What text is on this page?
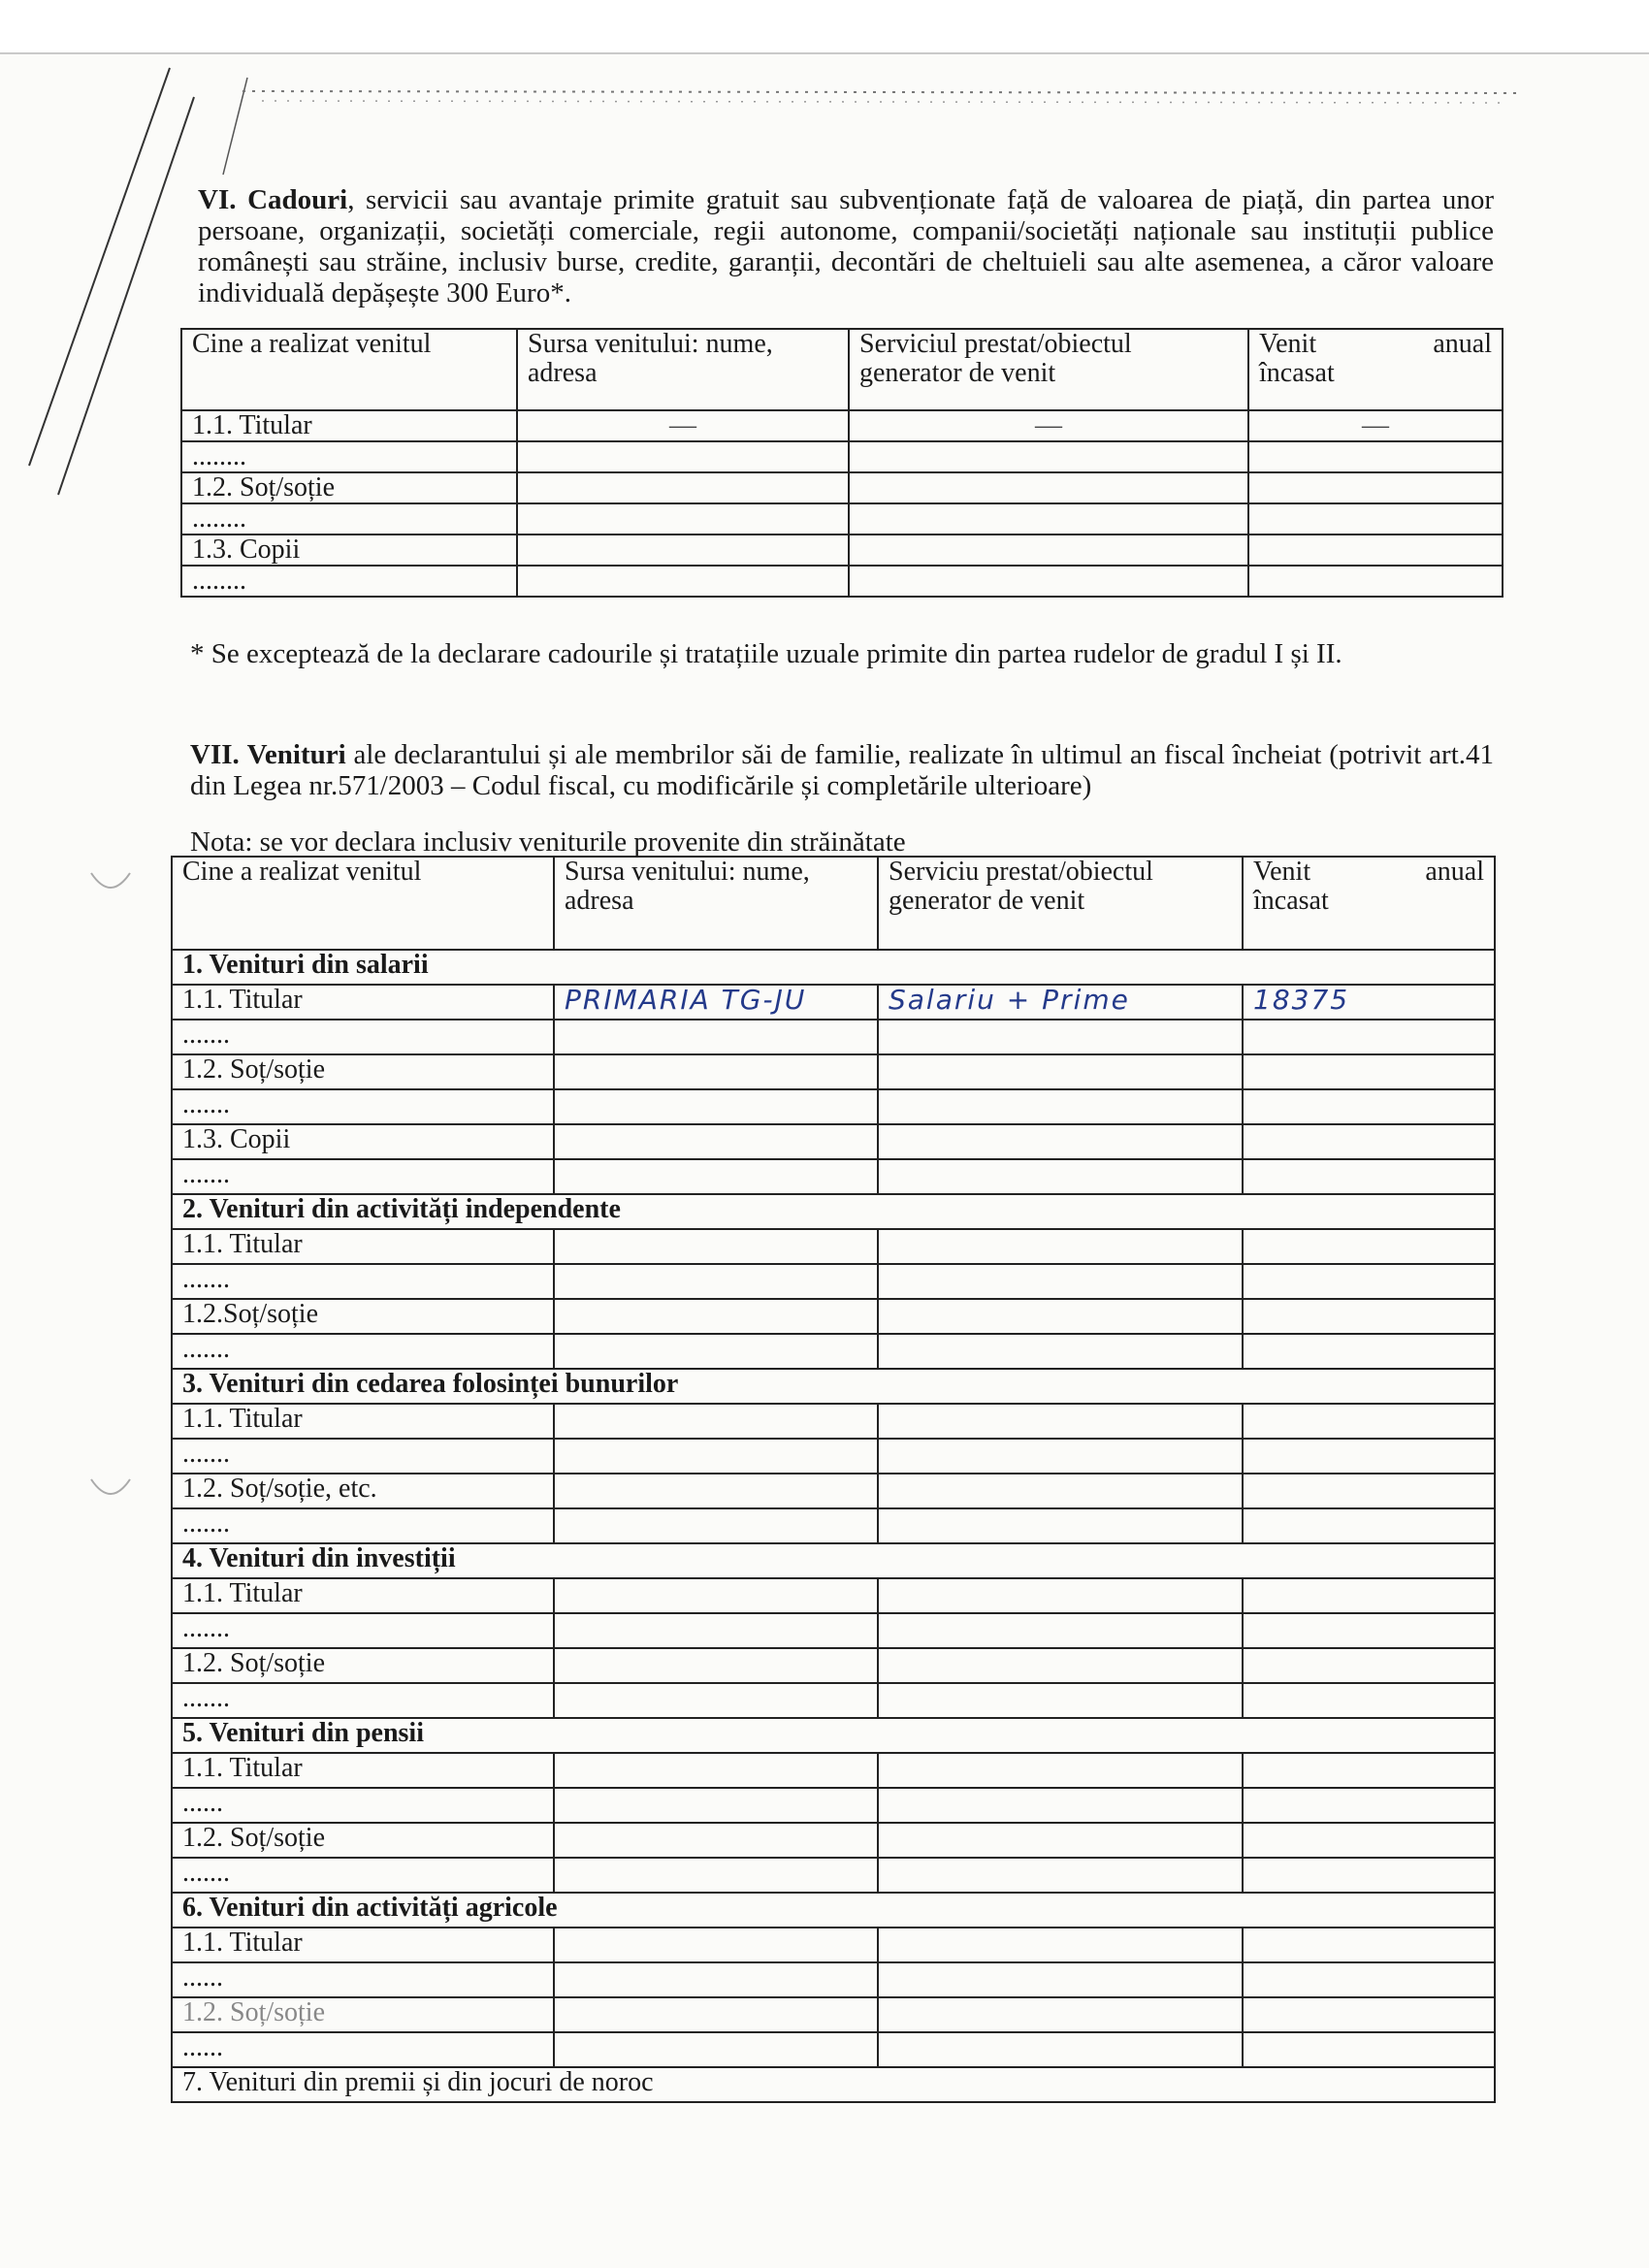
VI. Cadouri, servicii sau avantaje primite gratuit sau subvenționate față de valoarea de piață, din partea unor persoane, organizații, societăți comerciale, regii autonome, companii/societăți naționale sau instituții publice românești sau străine, inclusiv burse, credite, garanții, decontări de cheltuieli sau alte asemenea, a căror valoare individuală depășește 300 Euro*.
Cine a realizat venitul	Sursa venitului: nume, adresa	Serviciul prestat/obiectul generator de venit	Venit anual
încasat

1.1. Titular	—	—	—
........			
1.2. Soț/soție			
........			
1.3. Copii			
........			
* Se exceptează de la declarare cadourile și tratațiile uzuale primite din partea rudelor de gradul I și II.
VII. Venituri ale declarantului și ale membrilor săi de familie, realizate în ultimul an fiscal încheiat (potrivit art.41 din Legea nr.571/2003 – Codul fiscal, cu modificările și completările ulterioare)
Nota: se vor declara inclusiv veniturile provenite din străinătate
Cine a realizat venitul	Sursa venitului: nume, adresa	Serviciu prestat/obiectul generator de venit	Venit anual
încasat

1. Venituri din salarii			
1.1. Titular	PRIMARIA TG-JU	Salariu + Prime	18375
.......			
1.2. Soț/soție			
.......			
1.3. Copii			
.......			
2. Venituri din activități independente			
1.1. Titular			
.......			
1.2.Soț/soție			
.......			
3. Venituri din cedarea folosinței bunurilor			
1.1. Titular			
.......			
1.2. Soț/soție, etc.			
.......			
4. Venituri din investiții			
1.1. Titular			
.......			
1.2. Soț/soție			
.......			
5. Venituri din pensii			
1.1. Titular			
......			
1.2. Soț/soție			
.......			
6. Venituri din activități agricole			
1.1. Titular			
......			
1.2. Soț/soție			
......			
7. Venituri din premii și din jocuri de noroc			
